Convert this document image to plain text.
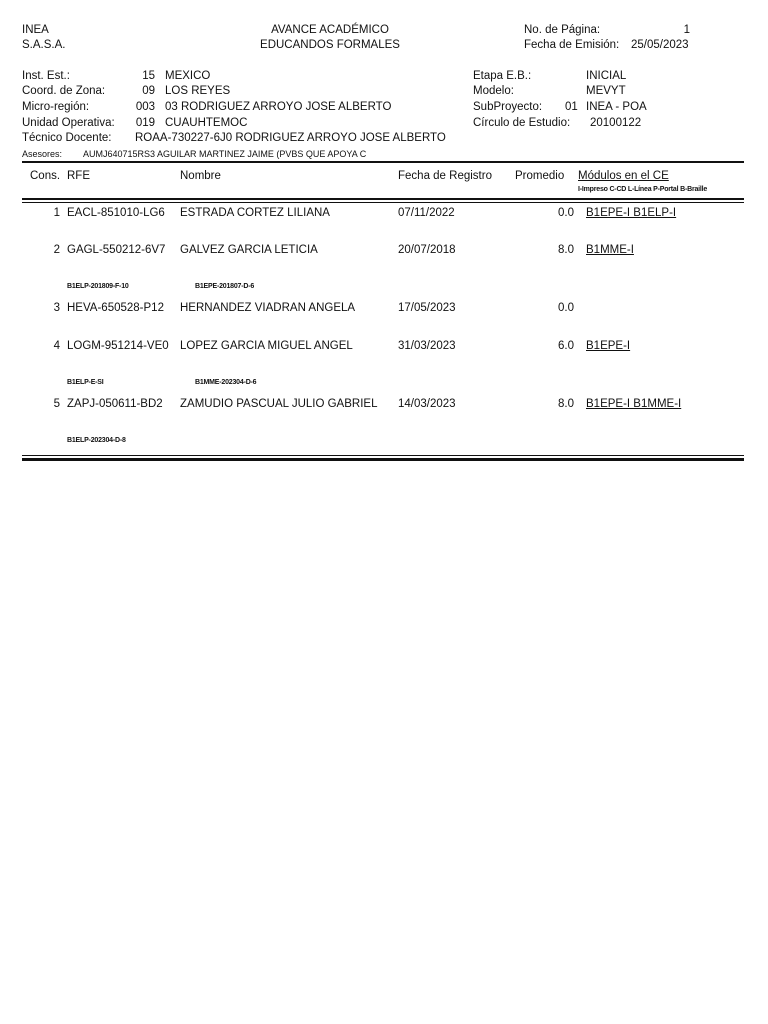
INEA
S.A.S.A.
AVANCE ACADÉMICO
EDUCANDOS FORMALES
No. de Página:	1
Fecha de Emisión: 25/05/2023
Inst. Est.:	15 MEXICO
Coord. de Zona:	09 LOS REYES
Micro-región:	003 03 RODRIGUEZ ARROYO JOSE ALBERTO
Unidad Operativa:	019 CUAUHTEMOC
Técnico Docente: ROAA-730227-6J0 RODRIGUEZ ARROYO JOSE ALBERTO
Asesores: AUMJ640715RS3 AGUILAR MARTINEZ JAIME (PVBS QUE APOYA C
Etapa E.B.:	INICIAL
Modelo:	MEVYT
SubProyecto: 01 INEA - POA
Círculo de Estudio: 20100122
Cons. RFE	Nombre	Fecha de Registro Promedio Módulos en el CE
I-Impreso C-CD L-Línea P-Portal B-Braille
1 EACL-851010-LG6 ESTRADA CORTEZ LILIANA	07/11/2022	0.0 B1EPE-I B1ELP-I
2 GAGL-550212-6V7 GALVEZ GARCIA LETICIA	20/07/2018	8.0 B1MME-I
B1ELP-201809-F-10	B1EPE-201807-D-6
3 HEVA-650528-P12 HERNANDEZ VIADRAN ANGELA	17/05/2023	0.0
4 LOGM-951214-VE0 LOPEZ GARCIA MIGUEL ANGEL	31/03/2023	6.0 B1EPE-I
B1ELP-E-SI	B1MME-202304-D-6
5 ZAPJ-050611-BD2 ZAMUDIO PASCUAL JULIO GABRIEL 14/03/2023	8.0 B1EPE-I B1MME-I
B1ELP-202304-D-8
